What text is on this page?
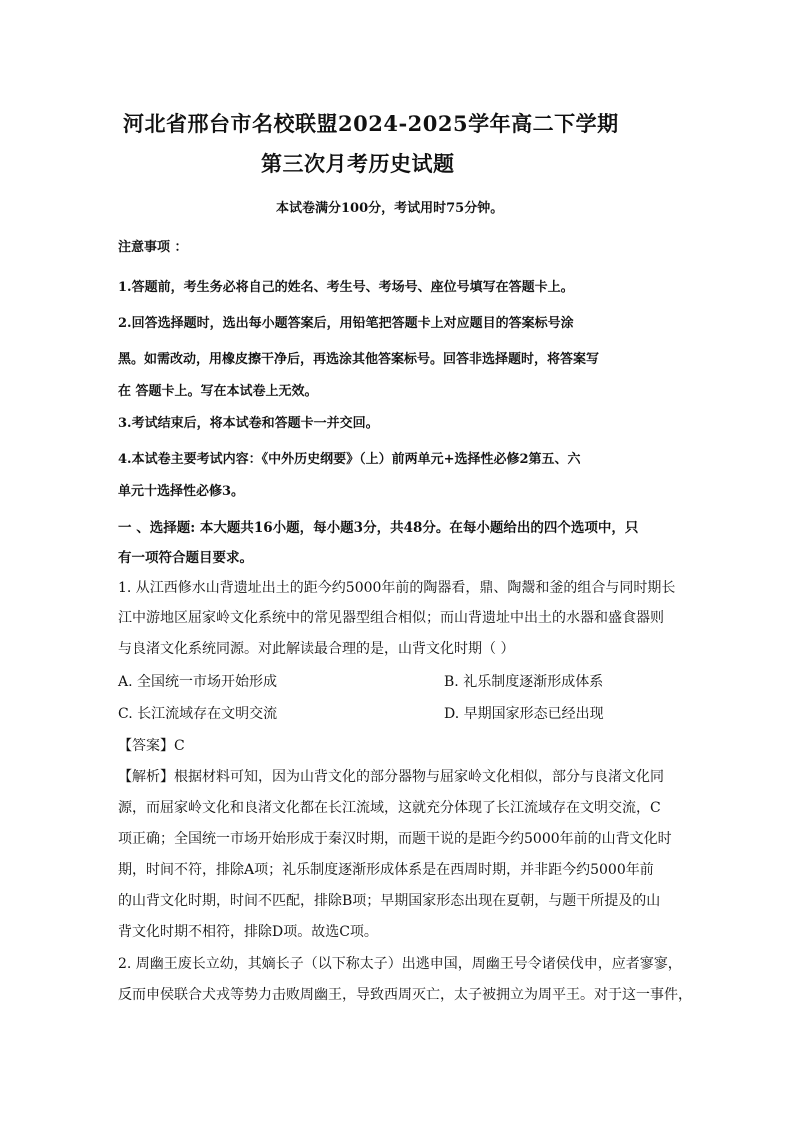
河北省邢台市名校联盟2024-2025学年高二下学期
第三次月考历史试题
本试卷满分100分，考试用时75分钟。
注意事项 ：
1.答题前，考生务必将自己的姓名、考生号、考场号、座位号填写在答题卡上。
2.回答选择题时，选出每小题答案后，用铅笔把答题卡上对应题目的答案标号涂
黑。如需改动，用橡皮擦干净后，再选涂其他答案标号。回答非选择题时，将答案写
在 答题卡上。写在本试卷上无效。
3.考试结束后，将本试卷和答题卡一并交回。
4.本试卷主要考试内容：《中外历史纲要》（上）前两单元+选择性必修2第五、六
单元十选择性必修3。
一 、选择题: 本大题共16小题，每小题3分，共48分。在每小题给出的四个选项中，只
有一项符合题目要求。
1. 从江西修水山背遗址出土的距今约5000年前的陶器看，鼎、陶鬶和釜的组合与同时期长
江中游地区屈家岭文化系统中的常见器型组合相似；而山背遗址中出土的水器和盛食器则
与良渚文化系统同源。对此解读最合理的是，山背文化时期（ ）
A. 全国统一市场开始形成	B. 礼乐制度逐渐形成体系
C. 长江流域存在文明交流	D. 早期国家形态已经出现
【答案】C
【解析】根据材料可知，因为山背文化的部分器物与屈家岭文化相似，部分与良渚文化同
源，而屈家岭文化和良渚文化都在长江流域，这就充分体现了长江流域存在文明交流，C
项正确；全国统一市场开始形成于秦汉时期，而题干说的是距今约5000年前的山背文化时
期，时间不符，排除A项；礼乐制度逐渐形成体系是在西周时期，并非距今约5000年前
的山背文化时期，时间不匹配，排除B项；早期国家形态出现在夏朝，与题干所提及的山
背文化时期不相符，排除D项。故选C项。
2. 周幽王废长立幼，其嫡长子（以下称太子）出逃申国，周幽王号令诸侯伐申，应者寥寥，
反而申侯联合犬戎等势力击败周幽王，导致西周灭亡，太子被拥立为周平王。对于这一事件，
